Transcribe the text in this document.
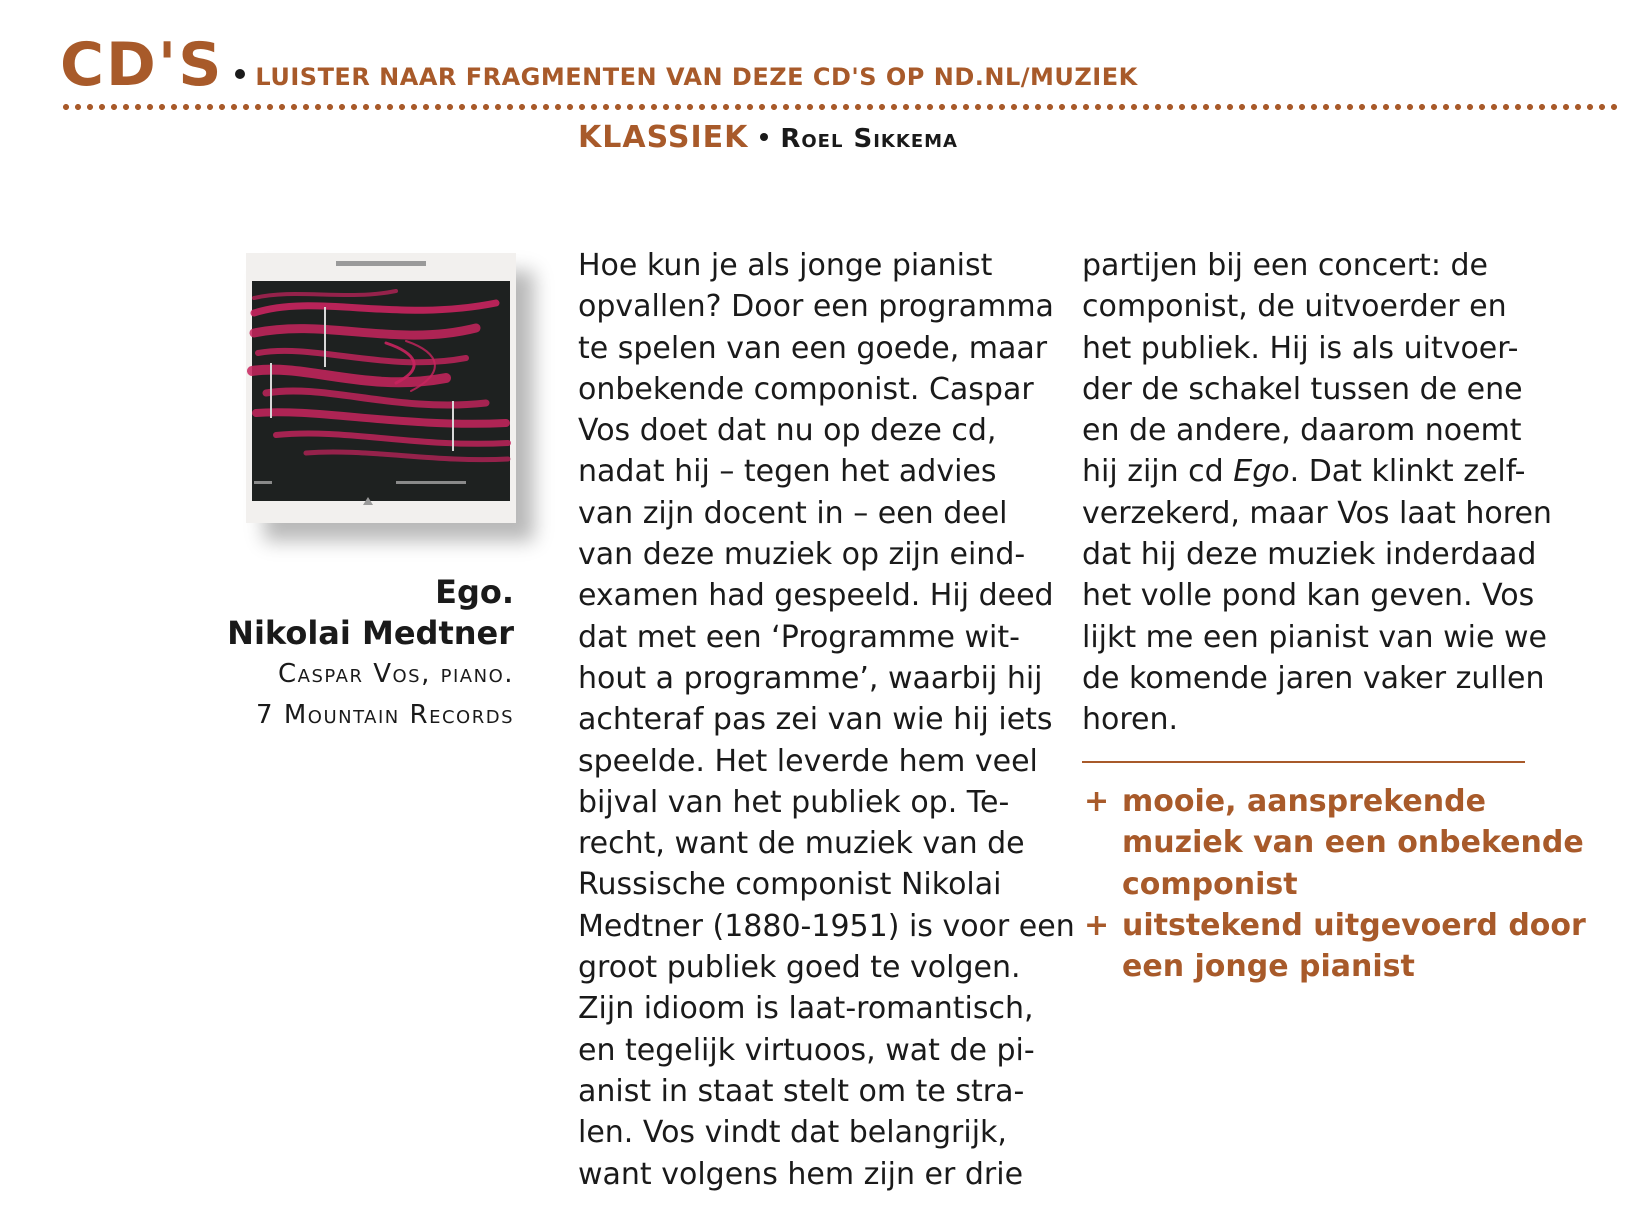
CD'S LUISTER NAAR FRAGMENTEN VAN DEZE CD'S OP ND.NL/MUZIEK
KLASSIEK Roel Sikkema
Ego.
Nikolai Medtner
Caspar Vos, piano.
7 Mountain Records
Hoe kun je als jonge pianist
opvallen? Door een programma
te spelen van een goede, maar
onbekende componist. Caspar
Vos doet dat nu op deze cd,
nadat hij – tegen het advies
van zijn docent in – een deel
van deze muziek op zijn eind-
examen had gespeeld. Hij deed
dat met een ‘Programme wit-
hout a programme’, waarbij hij
achteraf pas zei van wie hij iets
speelde. Het leverde hem veel
bijval van het publiek op. Te-
recht, want de muziek van de
Russische componist Nikolai
Medtner (1880-1951) is voor een
groot publiek goed te volgen.
Zijn idioom is laat-romantisch,
en tegelijk virtuoos, wat de pi-
anist in staat stelt om te stra-
len. Vos vindt dat belangrijk,
want volgens hem zijn er drie
partijen bij een concert: de
componist, de uitvoerder en
het publiek. Hij is als uitvoer-
der de schakel tussen de ene
en de andere, daarom noemt
hij zijn cd Ego. Dat klinkt zelf-
verzekerd, maar Vos laat horen
dat hij deze muziek inderdaad
het volle pond kan geven. Vos
lijkt me een pianist van wie we
de komende jaren vaker zullen
horen.
+ mooie, aansprekende
muziek van een onbekende
componist
+ uitstekend uitgevoerd door
een jonge pianist
